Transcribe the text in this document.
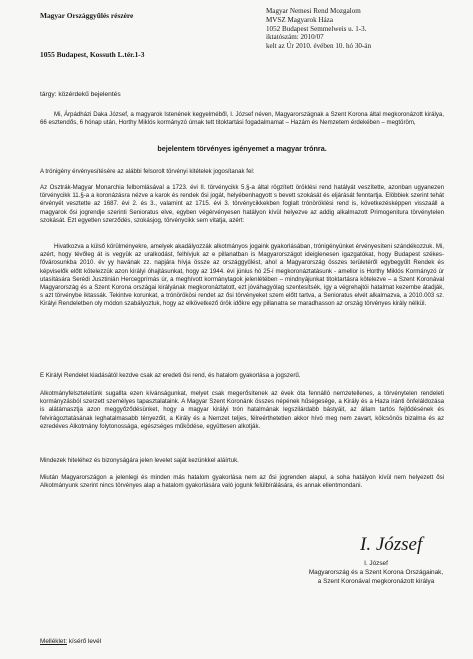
Magyar Országgyűlés részére
1055 Budapest, Kossuth L.tér.1-3
Magyar Nemesi Rend Mozgalom
MVSZ Magyarok Háza
1052 Budapest Semmelweis u. 1-3.
iktatószám: 2010/07
kelt az Úr 2010. évében 10. hó 30-án
tárgy: közérdekű bejelentés

Mi, Árpádházi Daka József, a magyarok Istenének kegyelméből, I. József néven, Magyarországnak a Szent Korona által megkoronázott királya, 66 esztendős, 6 hónap után, Horthy Miklós kormányzó úrnak tett titoktartási fogadalmamat – Hazám és Nemzetem érdekében – megtöröm,

bejelentem törvényes igényemet a magyar trónra.

A trónigény érvényesítésére az alábbi felsorolt törvényi kitételek jogosítanak fel:

Az Osztrák-Magyar Monarchia felbomlásával a 1723. évi II. törvénycikk 5.§-a által rögzített öröklési rend hatályát veszítette, azonban ugyanezen törvénycikk 11.§-a a koronázásra nézve a karok és rendek ősi jogát, helyébenhagyott s bevett szokását és eljárását fenntartja. Elöbbiek szerint tehát érvényét vesztette az 1687. évi 2. és 3., valamint az 1715. évi 3. törvénycikkekben foglalt trónöröklési rend is, következésképpen visszaáll a magyarok ősi jogrendje szerinti Senioratus elve, egyben végérvényesen hatályon kívül helyezve az addig alkalmazott Primogenitura törvénytelen szokását. Ezt egyetlen szerződés, szokásjog, törvénycikk sem vitatja, azért:

Hivatkozva a külső körülményekre, amelyek akadályozzák alkotmányos jogaink gyakorlásában, trónigényünket érvényesíteni szándékozzuk. Mi, azért, hogy tévőleg át is vegyük az uralkodást, felhívjuk az e pillanatban is Magyarországot ideiglenesen igazgatókat, hogy Budapest székes-fővárosunkba 2010. év yy havának zz. napjára hívja össze az országgyűlést, ahol a Magyarország összes területéről egybegyűlt Rendek és képviselők előtt kötelezzük azon királyi óhajtásunkat, hogy az 1944. évi június hó 25-i megkoronáztatásunk - amellor is Horthy Miklós Kormányzó úr utasítására Serédi Jusztinián Hercegprímás úr, a meghívott kormánytagok jelenlétében – mindnyájunkat titoktartásra kötelezve – a Szent Koronával Magyarország és a Szent Korona országai királyának megkoronáztatott, ezt jóváhagyólag szentesítsék, így a végrehajtói hatalmat kezembe átadják, s azt törvénybe iktassák. Tekintve korunkat, a trónörökösi rendet az ősi törvényeket szem előtt tartva, a Senioratus elvét alkalmazva, a 2010.003 sz. Királyi Rendeletben oly módon szabályoztuk, hogy az elkövetkező örök időkre egy pillanatra se maradhasson az ország törvényes király nélkül.

E Királyi Rendelet kiadásától kezdve csak az eredeti ősi rend, és hatalom gyakorlása a jogszerű.

Alkotmányfelszteletünk sugallta ezen kívánságunkat, melyet csak megerősítenek az évek óta fennálló nemzetellenes, a törvénytelen rendeleti kormányzásból szerzett személyes tapasztalataink. A Magyar Szent Koronánk összes népének hűségesége, a Király és a Haza iránti önfeláldozása is alátámasztja azon meggyőződésünket, hogy a magyar királyi trón hatalmának legszilárdabb bástyáit, az állam tartós fejlődésének és felvirágoztatásának leghatalmasabb tényezőit, a Király és a Nemzet teljes, félreérthetetlen akkor hívó meg nem zavart, kölcsönös bizalma és az ezredéves Alkotmány folytonossága, egészséges működése, együttesen alkotják.

Mindezek hiteléhez és bizonyságára jelen levelet saját kezünkkel aláírtuk.

Miután Magyarországon a jelenlegi és minden más hatalom gyakorlása nem az ősi jogrenden alapul, a soha hatályon kívül nem helyezett ősi Alkotmányunk szerint nincs törvényes alap a hatalom gyakorlására való jogunk felülbírálására, és annak ellentmondani.

I. József
I. József
Magyarország és a Szent Korona Országainak,
a Szent Koronával megkoronázott királya
Melléklet: kísérő levél
